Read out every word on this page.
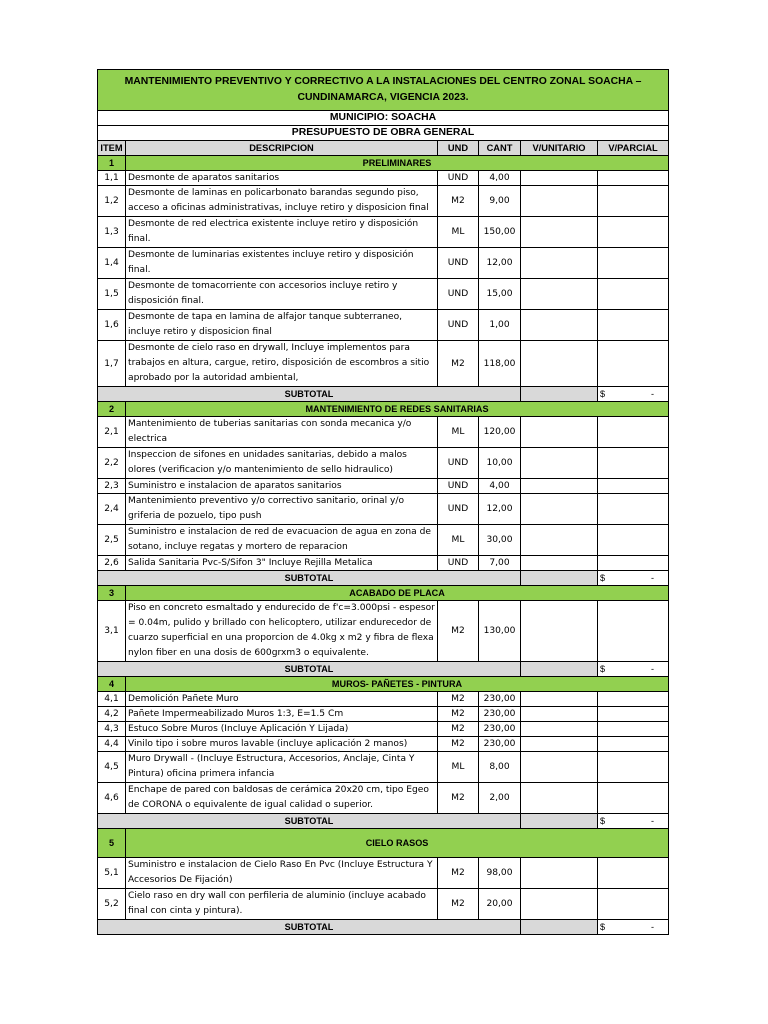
MANTENIMIENTO PREVENTIVO Y CORRECTIVO A LA INSTALACIONES DEL CENTRO ZONAL SOACHA – CUNDINAMARCA, VIGENCIA 2023.					
MUNICIPIO: SOACHA					
PRESUPUESTO DE OBRA GENERAL					
ITEM	DESCRIPCION	UND	CANT	V/UNITARIO	V/PARCIAL
1	PRELIMINARES				
1,1	Desmonte de aparatos sanitarios	UND	4,00		
1,2	Desmonte de laminas en policarbonato barandas segundo piso, acceso a oficinas administrativas, incluye retiro y disposicion final	M2	9,00		
1,3	Desmonte de red electrica existente incluye retiro y disposición final.	ML	150,00		
1,4	Desmonte de luminarias existentes incluye retiro y disposición final.	UND	12,00		
1,5	Desmonte de tomacorriente con accesorios incluye retiro y disposición final.	UND	15,00		
1,6	Desmonte de tapa en lamina de alfajor tanque subterraneo, incluye retiro y disposicion final	UND	1,00		
1,7	Desmonte de cielo raso en drywall, Incluye implementos para trabajos en altura, cargue, retiro, disposición de escombros a sitio aprobado por la autoridad ambiental,	M2	118,00		
SUBTOTAL					$ -

2	MANTENIMIENTO DE REDES SANITARIAS				
2,1	Mantenimiento de tuberias sanitarias con sonda mecanica y/o electrica	ML	120,00		
2,2	Inspeccion de sifones en unidades sanitarias, debido a malos olores (verificacion y/o mantenimiento de sello hidraulico)	UND	10,00		
2,3	Suministro e instalacion de aparatos sanitarios	UND	4,00		
2,4	Mantenimiento preventivo y/o correctivo sanitario, orinal y/o griferia de pozuelo, tipo push	UND	12,00		
2,5	Suministro e instalacion de red de evacuacion de agua en zona de sotano, incluye regatas y mortero de reparacion	ML	30,00		
2,6	Salida Sanitaria Pvc-S/Sifon 3" Incluye Rejilla Metalica	UND	7,00		
SUBTOTAL					$ -

3	ACABADO DE PLACA				
3,1	Piso en concreto esmaltado y endurecido de f'c=3.000psi - espesor = 0.04m, pulido y brillado con helicoptero, utilizar endurecedor de cuarzo superficial en una proporcion de 4.0kg x m2 y fibra de flexa nylon fiber en una dosis de 600grxm3 o equivalente.	M2	130,00		
SUBTOTAL					$ -

4	MUROS- PAÑETES - PINTURA				
4,1	Demolición Pañete Muro	M2	230,00		
4,2	Pañete Impermeabilizado Muros 1:3, E=1.5 Cm	M2	230,00		
4,3	Estuco Sobre Muros (Incluye Aplicación Y Lijada)	M2	230,00		
4,4	Vinilo tipo i sobre muros lavable (incluye aplicación 2 manos)	M2	230,00		
4,5	Muro Drywall - (Incluye Estructura, Accesorios, Anclaje, Cinta Y Pintura) oficina primera infancia	ML	8,00		
4,6	Enchape de pared con baldosas de cerámica 20x20 cm, tipo Egeo de CORONA o equivalente de igual calidad o superior.	M2	2,00		
SUBTOTAL					$ -

5	CIELO RASOS				
5,1	Suministro e instalacion de Cielo Raso En Pvc (Incluye Estructura Y Accesorios De Fijación)	M2	98,00		
5,2	Cielo raso en dry wall con perfileria de aluminio (incluye acabado final con cinta y pintura).	M2	20,00		
SUBTOTAL					$ -
